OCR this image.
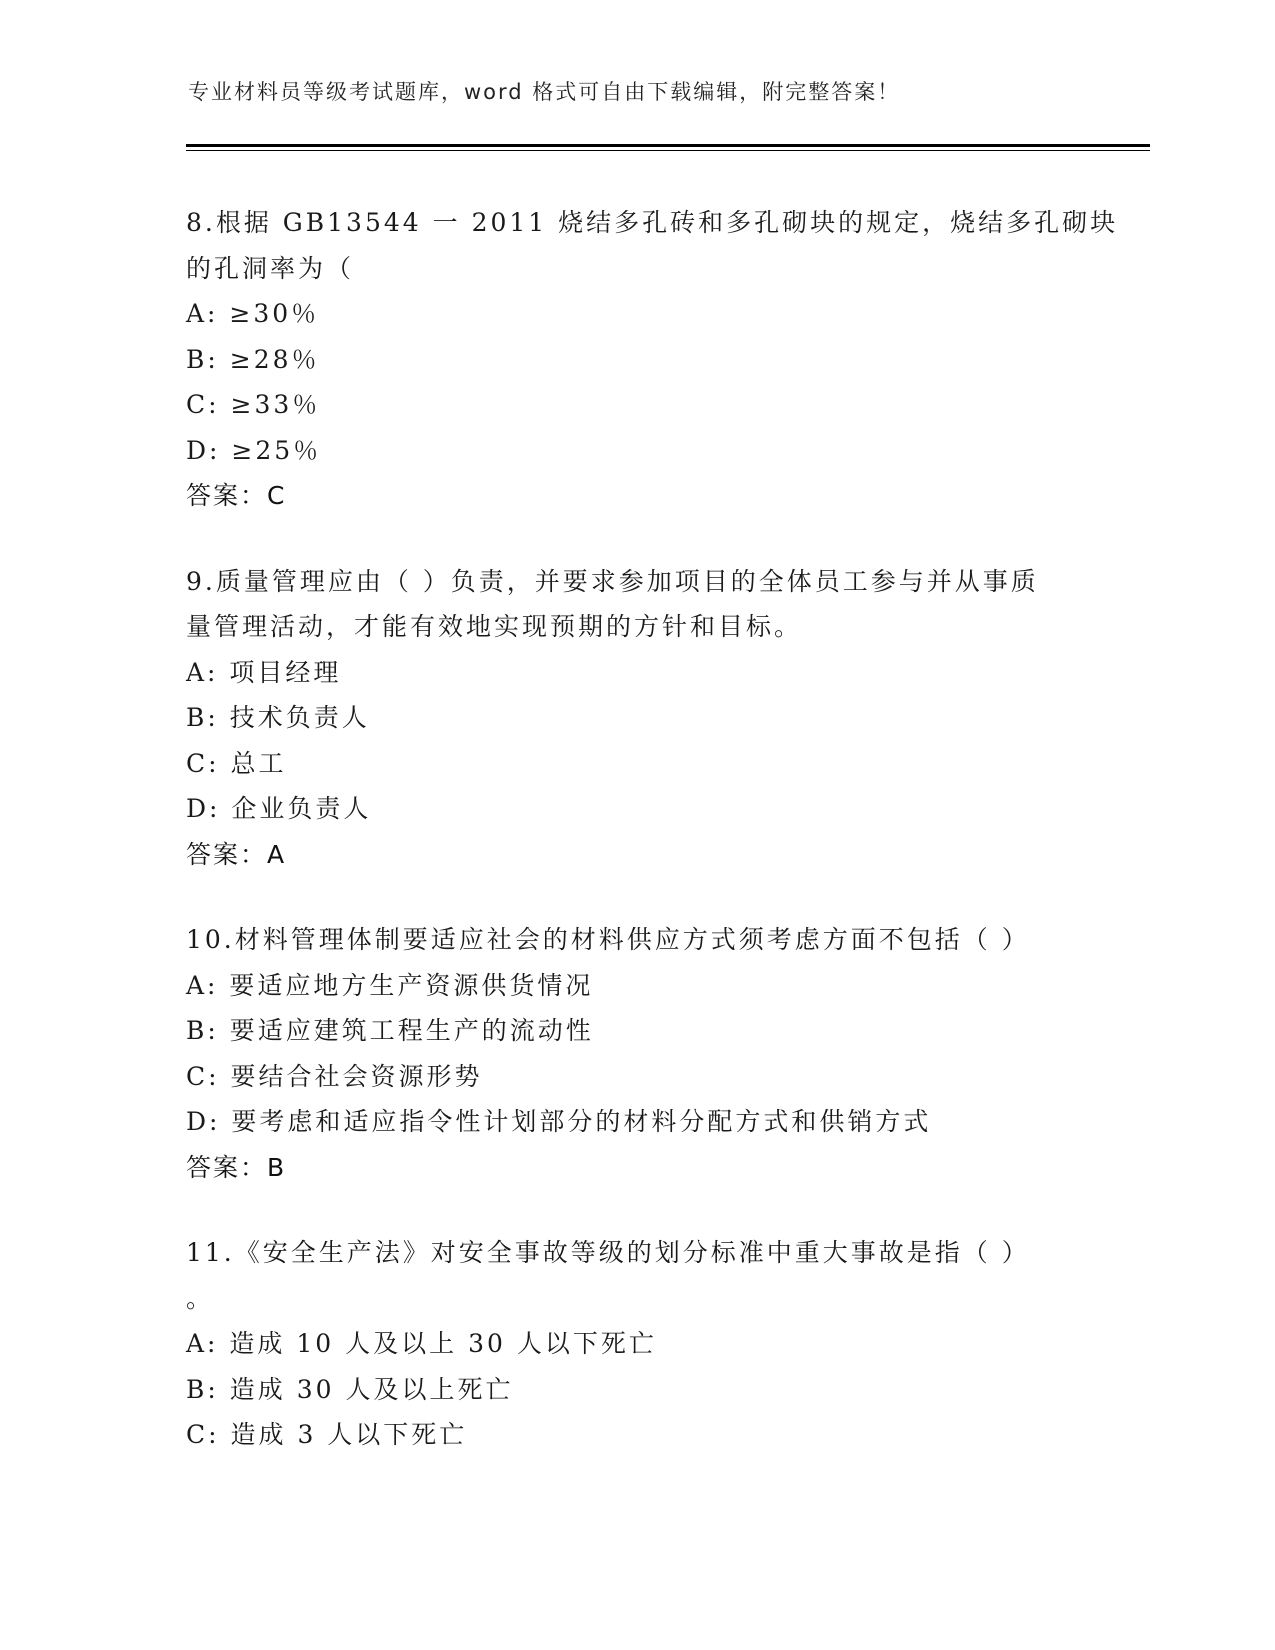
专业材料员等级考试题库，word 格式可自由下载编辑，附完整答案！
8.根据 GB13544 一 2011 烧结多孔砖和多孔砌块的规定，烧结多孔砌块
的孔洞率为（
A: ≥30％
B: ≥28％
C: ≥33％
D: ≥25％
答案：C
9.质量管理应由（ ）负责，并要求参加项目的全体员工参与并从事质
量管理活动，才能有效地实现预期的方针和目标。
A: 项目经理
B: 技术负责人
C: 总工
D: 企业负责人
答案：A
10.材料管理体制要适应社会的材料供应方式须考虑方面不包括（ ）
A: 要适应地方生产资源供货情况
B: 要适应建筑工程生产的流动性
C: 要结合社会资源形势
D: 要考虑和适应指令性计划部分的材料分配方式和供销方式
答案：B
11.《安全生产法》对安全事故等级的划分标准中重大事故是指（ ）
。
A: 造成 10 人及以上 30 人以下死亡
B: 造成 30 人及以上死亡
C: 造成 3 人以下死亡
